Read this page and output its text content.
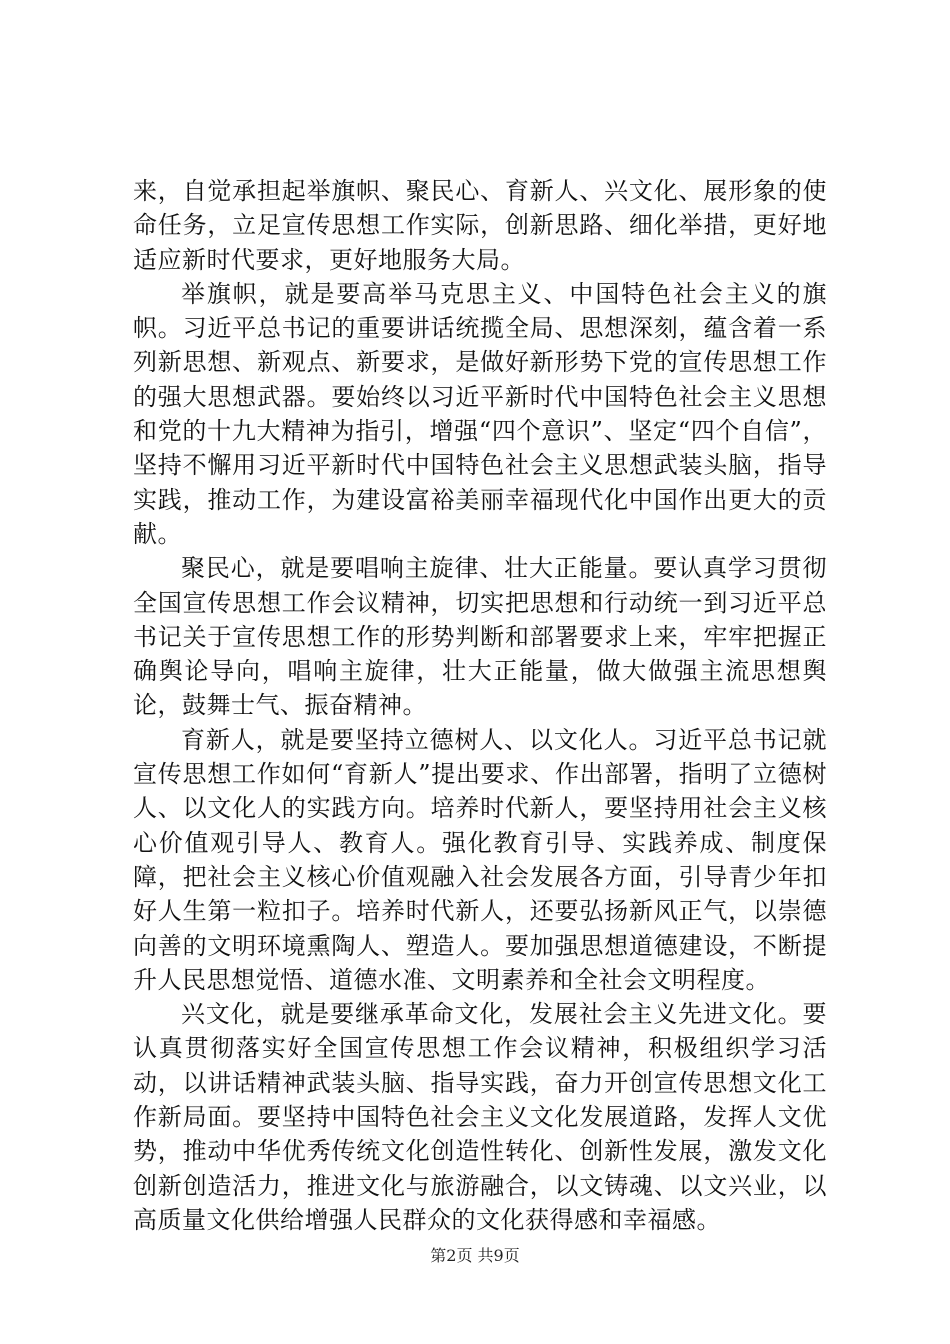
来，自觉承担起举旗帜、聚民心、育新人、兴文化、展形象的使命任务，立足宣传思想工作实际，创新思路、细化举措，更好地适应新时代要求，更好地服务大局。

举旗帜，就是要高举马克思主义、中国特色社会主义的旗帜。习近平总书记的重要讲话统揽全局、思想深刻，蕴含着一系列新思想、新观点、新要求，是做好新形势下党的宣传思想工作的强大思想武器。要始终以习近平新时代中国特色社会主义思想和党的十九大精神为指引，增强“四个意识”、坚定“四个自信”，坚持不懈用习近平新时代中国特色社会主义思想武装头脑，指导实践，推动工作，为建设富裕美丽幸福现代化中国作出更大的贡献。

聚民心，就是要唱响主旋律、壮大正能量。要认真学习贯彻全国宣传思想工作会议精神，切实把思想和行动统一到习近平总书记关于宣传思想工作的形势判断和部署要求上来，牢牢把握正确舆论导向，唱响主旋律，壮大正能量，做大做强主流思想舆论，鼓舞士气、振奋精神。

育新人，就是要坚持立德树人、以文化人。习近平总书记就宣传思想工作如何“育新人”提出要求、作出部署，指明了立德树人、以文化人的实践方向。培养时代新人，要坚持用社会主义核心价值观引导人、教育人。强化教育引导、实践养成、制度保障，把社会主义核心价值观融入社会发展各方面，引导青少年扣好人生第一粒扣子。培养时代新人，还要弘扬新风正气，以崇德向善的文明环境熏陶人、塑造人。要加强思想道德建设，不断提升人民思想觉悟、道德水准、文明素养和全社会文明程度。

兴文化，就是要继承革命文化，发展社会主义先进文化。要认真贯彻落实好全国宣传思想工作会议精神，积极组织学习活动，以讲话精神武装头脑、指导实践，奋力开创宣传思想文化工作新局面。要坚持中国特色社会主义文化发展道路，发挥人文优势，推动中华优秀传统文化创造性转化、创新性发展，激发文化创新创造活力，推进文化与旅游融合，以文铸魂、以文兴业，以高质量文化供给增强人民群众的文化获得感和幸福感。

第2页 共9页
